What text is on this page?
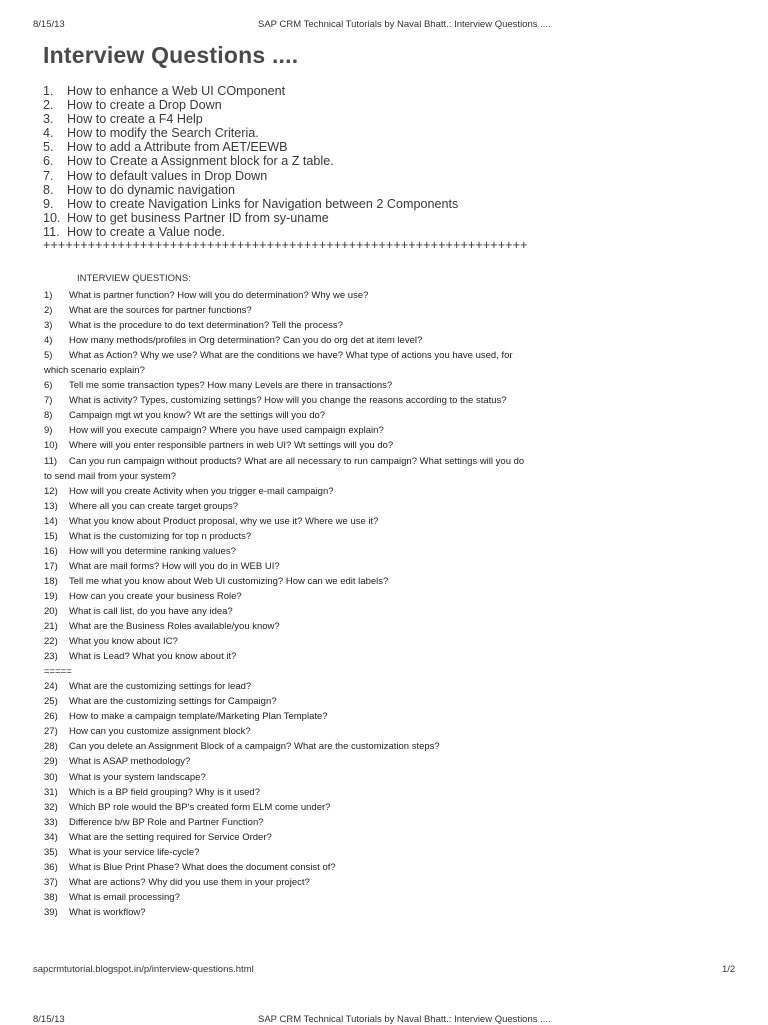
8/15/13	SAP CRM Technical Tutorials by Naval Bhatt.: Interview Questions ....
Interview Questions ....
1. How to enhance a Web UI COmponent
2. How to create a Drop Down
3. How to create a F4 Help
4. How to modify the Search Criteria.
5. How to add a Attribute from AET/EEWB
6. How to Create a Assignment block for a Z table.
7. How to default values in Drop Down
8. How to do dynamic navigation
9. How to create Navigation Links for Navigation between 2 Components
10. How to get business Partner ID from sy-uname
11. How to create a Value node.
+++++++++++++++++++++++++++++++++++++++++++++++++++++++++++++++++
INTERVIEW QUESTIONS:
1) What is partner function? How will you do determination? Why we use?
2) What are the sources for partner functions?
3) What is the procedure to do text determination? Tell the process?
4) How many methods/profiles in Org determination? Can you do org det at item level?
5) What as Action? Why we use? What are the conditions we have? What type of actions you have used, for
which scenario explain?
6) Tell me some transaction types? How many Levels are there in transactions?
7) What is activity? Types, customizing settings? How will you change the reasons according to the status?
8) Campaign mgt wt you know? Wt are the settings will you do?
9) How will you execute campaign? Where you have used campaign explain?
10) Where will you enter responsible partners in web UI? Wt settings will you do?
11) Can you run campaign without products? What are all necessary to run campaign? What settings will you do
to send mail from your system?
12) How will you create Activity when you trigger e-mail campaign?
13) Where all you can create target groups?
14) What you know about Product proposal, why we use it? Where we use it?
15) What is the customizing for top n products?
16) How will you determine ranking values?
17) What are mail forms? How will you do in WEB UI?
18) Tell me what you know about Web UI customizing? How can we edit labels?
19) How can you create your business Role?
20) What is call list, do you have any idea?
21) What are the Business Roles available/you know?
22) What you know about IC?
23) What is Lead? What you know about it?
=====
24) What are the customizing settings for lead?
25) What are the customizing settings for Campaign?
26) How to make a campaign template/Marketing Plan Template?
27) How can you customize assignment block?
28) Can you delete an Assignment Block of a campaign? What are the customization steps?
29) What is ASAP methodology?
30) What is your system landscape?
31) Which is a BP field grouping? Why is it used?
32) Which BP role would the BP's created form ELM come under?
33) Difference b/w BP Role and Partner Function?
34) What are the setting required for Service Order?
35) What is your service life-cycle?
36) What is Blue Print Phase? What does the document consist of?
37) What are actions? Why did you use them in your project?
38) What is email processing?
39) What is workflow?
sapcrmtutorial.blogspot.in/p/interview-questions.html	1/2
8/15/13	SAP CRM Technical Tutorials by Naval Bhatt.: Interview Questions ....
